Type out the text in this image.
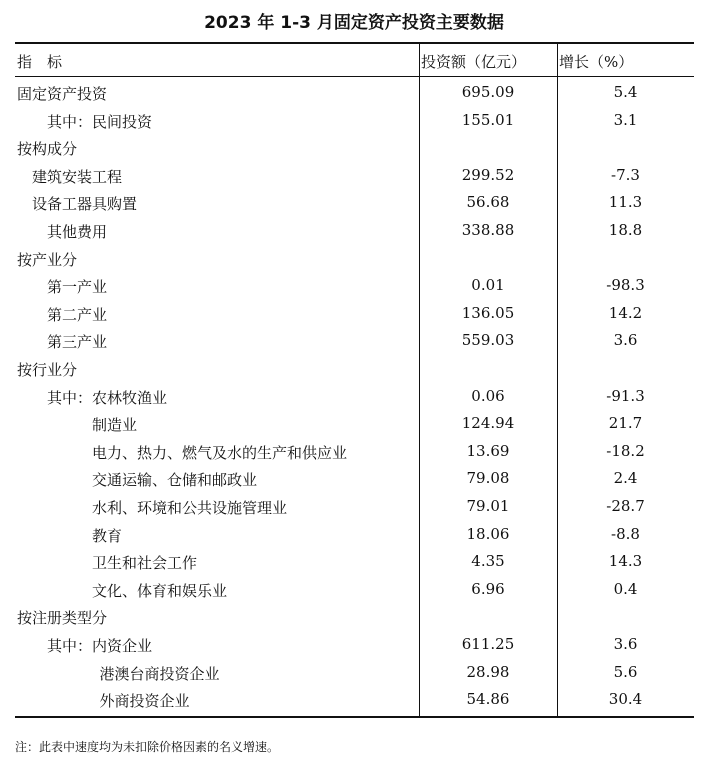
2023 年 1-3 月固定资产投资主要数据
指　标	投资额（亿元） 增长（%）
固定资产投资	695.09	5.4
其中：民间投资	155.01	3.1
按构成分
建筑安装工程	299.52	-7.3
设备工器具购置	56.68	11.3
其他费用	338.88	18.8
按产业分
第一产业	0.01	-98.3
第二产业	136.05	14.2
第三产业	559.03	3.6
按行业分
其中：农林牧渔业	0.06	-91.3
制造业	124.94	21.7
电力、热力、燃气及水的生产和供应业	13.69	-18.2
交通运输、仓储和邮政业	79.08	2.4
水利、环境和公共设施管理业	79.01	-28.7
教育	18.06	-8.8
卫生和社会工作	4.35	14.3
文化、体育和娱乐业	6.96	0.4
按注册类型分
其中：内资企业	611.25	3.6
港澳台商投资企业	28.98	5.6
外商投资企业	54.86	30.4
注：此表中速度均为未扣除价格因素的名义增速。
